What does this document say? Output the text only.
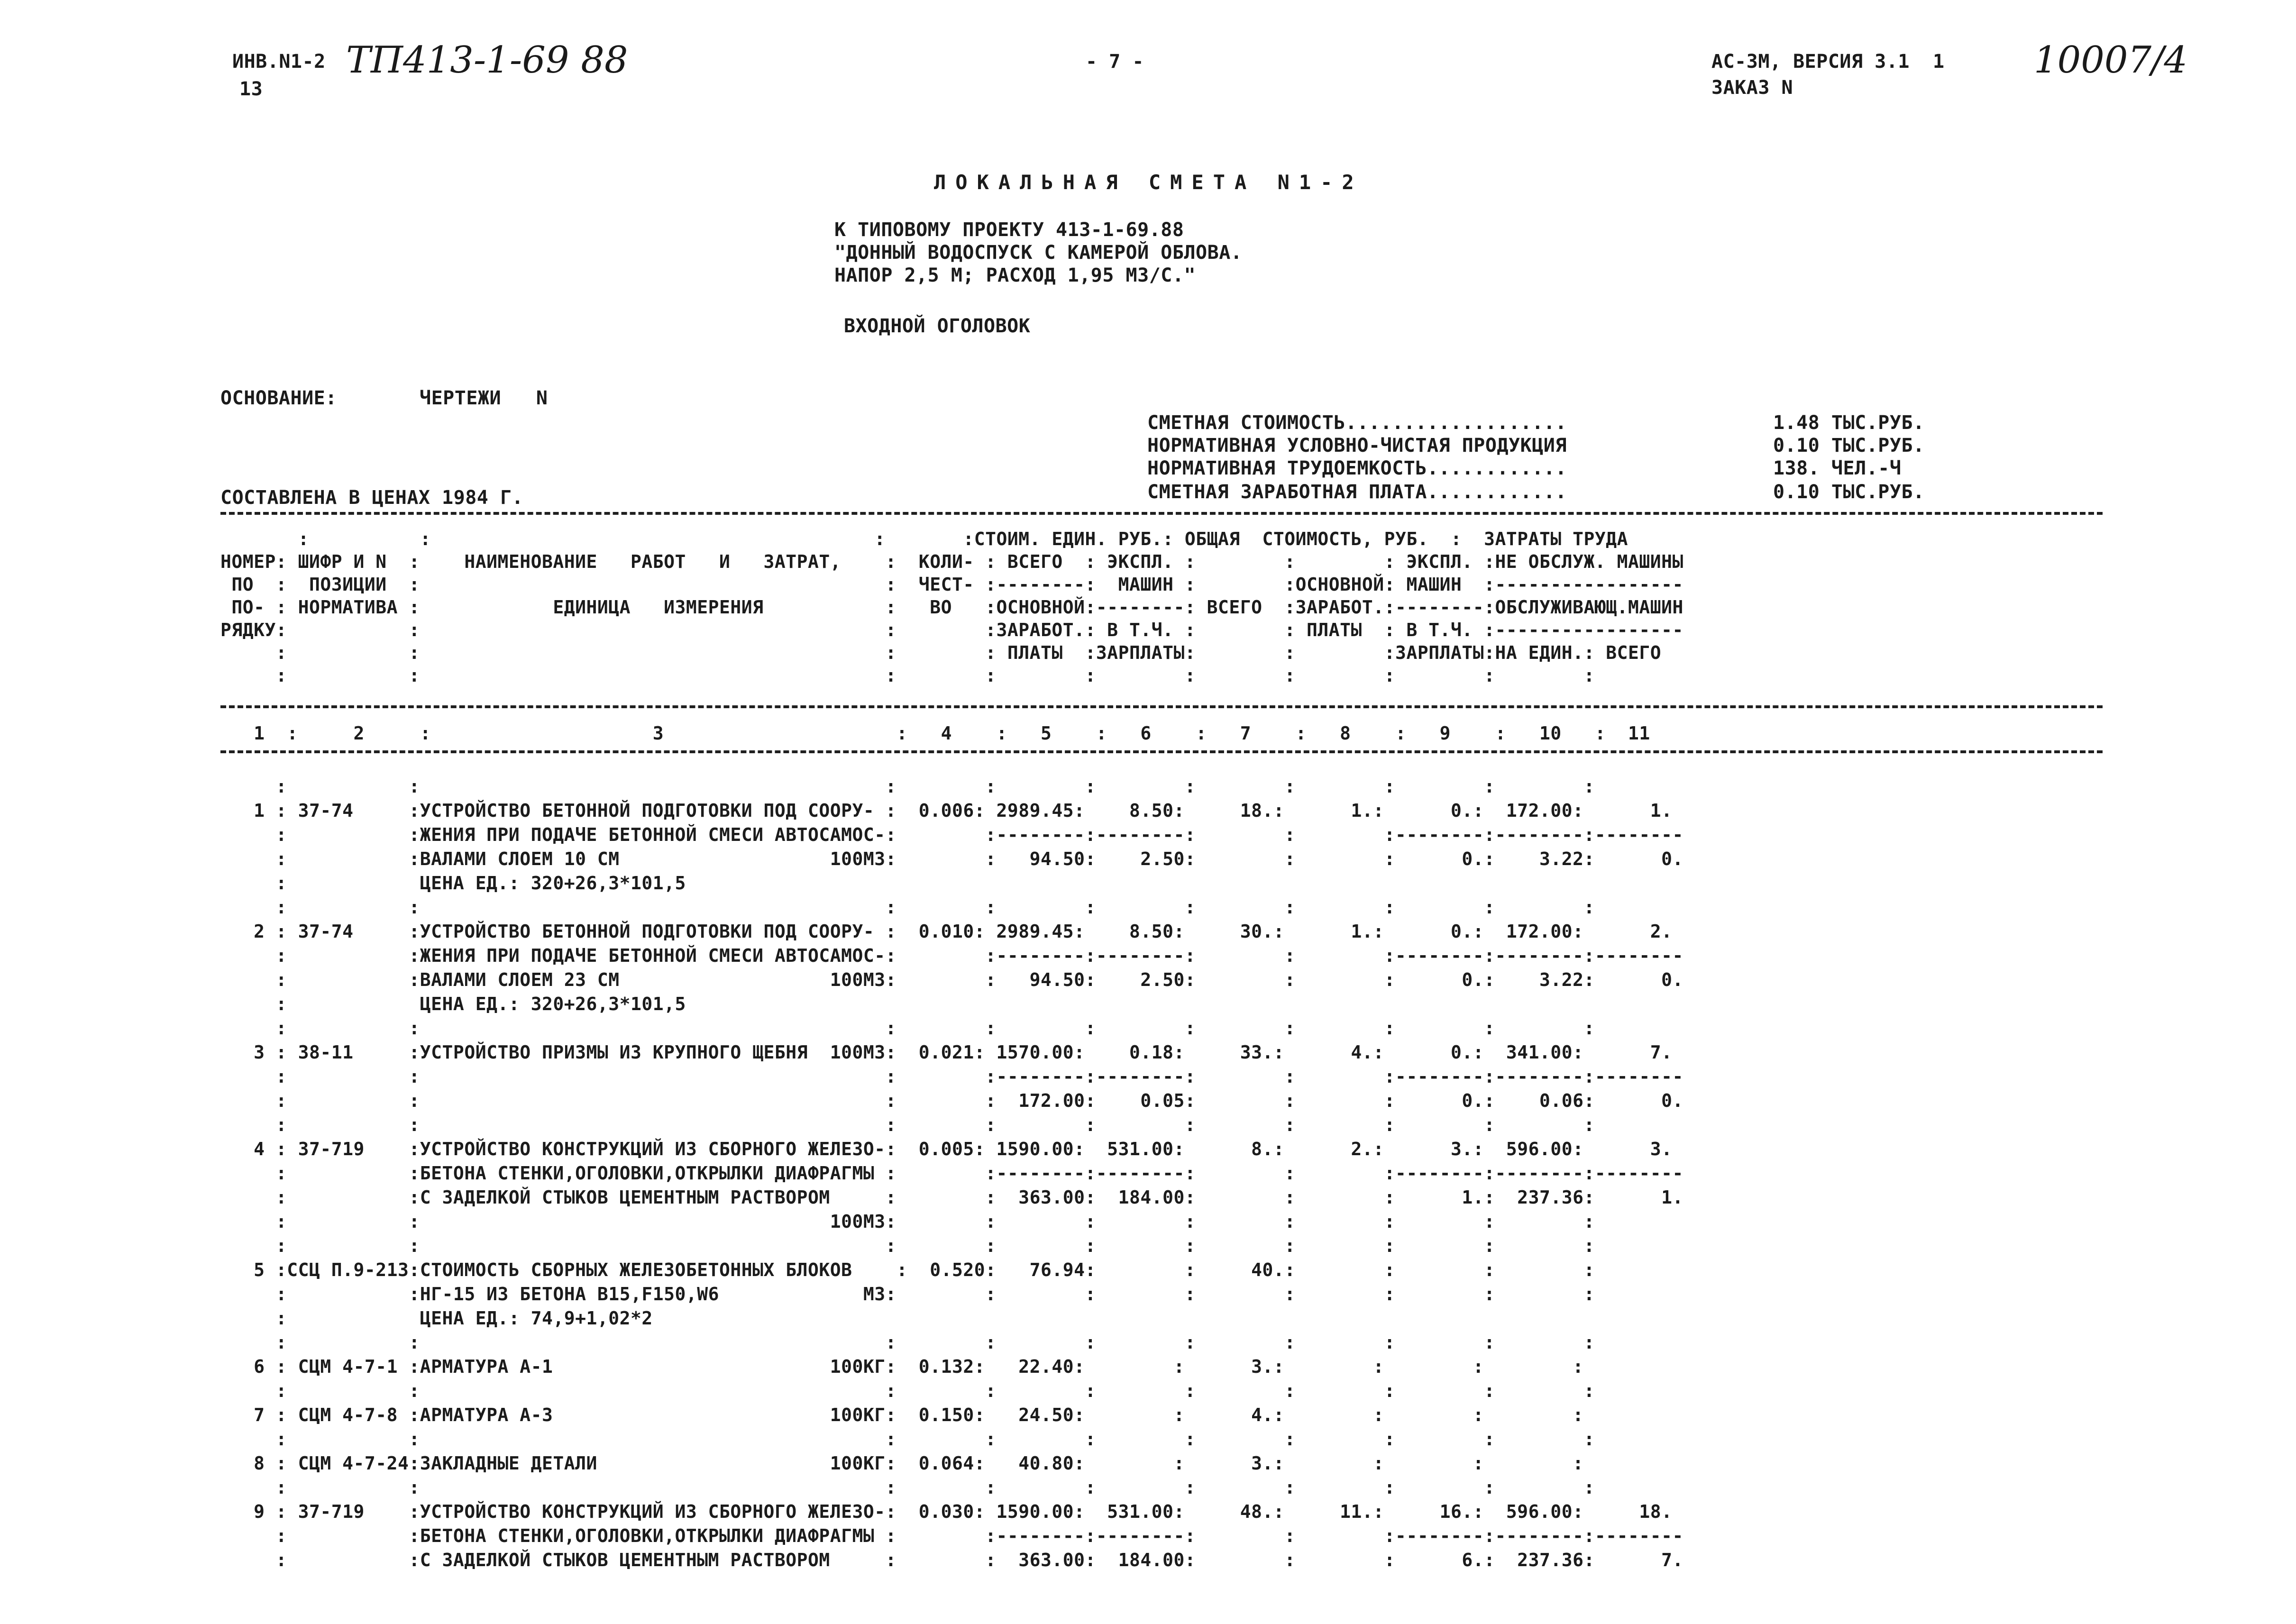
ИНВ.N1-2 ТП413-1-69 88
13
- 7 -	АС-3М, ВЕРСИЯ 3.1  1 10007/4
ЗАКАЗ N
ЛОКАЛЬНАЯ СМЕТА N1-2
К ТИПОВОМУ ПРОЕКТУ 413-1-69.88
"ДОННЫЙ ВОДОСПУСК С КАМЕРОЙ ОБЛОВА.
НАПОР 2,5 М; РАСХОД 1,95 М3/С."
ВХОДНОЙ ОГОЛОВОК
ОСНОВАНИЕ:	ЧЕРТЕЖИ   N
СОСТАВЛЕНА В ЦЕНАХ 1984 Г.
СМЕТНАЯ СТОИМОСТЬ...................	1.48 ТЫС.РУБ.
НОРМАТИВНАЯ УСЛОВНО-ЧИСТАЯ ПРОДУКЦИЯ	0.10 ТЫС.РУБ.
НОРМАТИВНАЯ ТРУДОЕМКОСТЬ............	138. ЧЕЛ.-Ч
СМЕТНАЯ ЗАРАБОТНАЯ ПЛАТА............	0.10 ТЫС.РУБ.
:          :                                        :       :СТОИМ. ЕДИН. РУБ.: ОБЩАЯ  СТОИМОСТЬ, РУБ.  :  ЗАТРАТЫ ТРУДА
НОМЕР: ШИФР И N  :    НАИМЕНОВАНИЕ   РАБОТ   И   ЗАТРАТ,    :  КОЛИ- : ВСЕГО  : ЭКСПЛ. :        :        : ЭКСПЛ. :НЕ ОБСЛУЖ. МАШИНЫ
ПО  :  ПОЗИЦИИ  :                                          :  ЧЕСТ- :--------:  МАШИН :        :ОСНОВНОЙ: МАШИН  :-----------------
ПО- : НОРМАТИВА :            ЕДИНИЦА   ИЗМЕРЕНИЯ           :   ВО   :ОСНОВНОЙ:--------: ВСЕГО  :ЗАРАБОТ.:--------:ОБСЛУЖИВАЮЩ.МАШИН
РЯДКУ:           :                                          :        :ЗАРАБОТ.: В Т.Ч. :        : ПЛАТЫ  : В Т.Ч. :-----------------
:           :                                          :        : ПЛАТЫ  :ЗАРПЛАТЫ:        :        :ЗАРПЛАТЫ:НА ЕДИН.: ВСЕГО
:           :                                          :        :        :        :        :        :        :        :
1  :     2     :                    3                     :   4    :   5    :   6    :   7    :   8    :   9    :   10   :  11
:           :                                          :        :        :        :        :        :        :        :
1 : 37-74     :УСТРОЙСТВО БЕТОННОЙ ПОДГОТОВКИ ПОД СООРУ- :  0.006: 2989.45:    8.50:     18.:      1.:      0.:  172.00:      1.
:           :ЖЕНИЯ ПРИ ПОДАЧЕ БЕТОННОЙ СМЕСИ АВТОСАМОС-:        :--------:--------:        :        :--------:--------:--------
:           :ВАЛАМИ СЛОЕМ 10 СМ                   100М3:        :   94.50:    2.50:        :        :      0.:    3.22:      0.
:            ЦЕНА ЕД.: 320+26,3*101,5
:           :                                          :        :        :        :        :        :        :        :
2 : 37-74     :УСТРОЙСТВО БЕТОННОЙ ПОДГОТОВКИ ПОД СООРУ- :  0.010: 2989.45:    8.50:     30.:      1.:      0.:  172.00:      2.
:           :ЖЕНИЯ ПРИ ПОДАЧЕ БЕТОННОЙ СМЕСИ АВТОСАМОС-:        :--------:--------:        :        :--------:--------:--------
:           :ВАЛАМИ СЛОЕМ 23 СМ                   100М3:        :   94.50:    2.50:        :        :      0.:    3.22:      0.
:            ЦЕНА ЕД.: 320+26,3*101,5
:           :                                          :        :        :        :        :        :        :        :
3 : 38-11     :УСТРОЙСТВО ПРИЗМЫ ИЗ КРУПНОГО ЩЕБНЯ  100М3:  0.021: 1570.00:    0.18:     33.:      4.:      0.:  341.00:      7.
:           :                                          :        :--------:--------:        :        :--------:--------:--------
:           :                                          :        :  172.00:    0.05:        :        :      0.:    0.06:      0.
:           :                                          :        :        :        :        :        :        :        :
4 : 37-719    :УСТРОЙСТВО КОНСТРУКЦИЙ ИЗ СБОРНОГО ЖЕЛЕЗО-:  0.005: 1590.00:  531.00:      8.:      2.:      3.:  596.00:      3.
:           :БЕТОНА СТЕНКИ,ОГОЛОВКИ,ОТКРЫЛКИ ДИАФРАГМЫ :        :--------:--------:        :        :--------:--------:--------
:           :С ЗАДЕЛКОЙ СТЫКОВ ЦЕМЕНТНЫМ РАСТВОРОМ     :        :  363.00:  184.00:        :        :      1.:  237.36:      1.
:           :                                     100М3:        :        :        :        :        :        :        :
:           :                                          :        :        :        :        :        :        :        :
5 :ССЦ П.9-213:СТОИМОСТЬ СБОРНЫХ ЖЕЛЕЗОБЕТОННЫХ БЛОКОВ    :  0.520:   76.94:        :     40.:        :        :        :
:           :НГ-15 ИЗ БЕТОНА В15,F150,W6             М3:        :        :        :        :        :        :        :
:            ЦЕНА ЕД.: 74,9+1,02*2
:           :                                          :        :        :        :        :        :        :        :
6 : СЦМ 4-7-1 :АРМАТУРА А-1                         100КГ:  0.132:   22.40:        :      3.:        :        :        :
:           :                                          :        :        :        :        :        :        :        :
7 : СЦМ 4-7-8 :АРМАТУРА А-3                         100КГ:  0.150:   24.50:        :      4.:        :        :        :
:           :                                          :        :        :        :        :        :        :        :
8 : СЦМ 4-7-24:ЗАКЛАДНЫЕ ДЕТАЛИ                     100КГ:  0.064:   40.80:        :      3.:        :        :        :
:           :                                          :        :        :        :        :        :        :        :
9 : 37-719    :УСТРОЙСТВО КОНСТРУКЦИЙ ИЗ СБОРНОГО ЖЕЛЕЗО-:  0.030: 1590.00:  531.00:     48.:     11.:     16.:  596.00:     18.
:           :БЕТОНА СТЕНКИ,ОГОЛОВКИ,ОТКРЫЛКИ ДИАФРАГМЫ :        :--------:--------:        :        :--------:--------:--------
:           :С ЗАДЕЛКОЙ СТЫКОВ ЦЕМЕНТНЫМ РАСТВОРОМ     :        :  363.00:  184.00:        :        :      6.:  237.36:      7.
